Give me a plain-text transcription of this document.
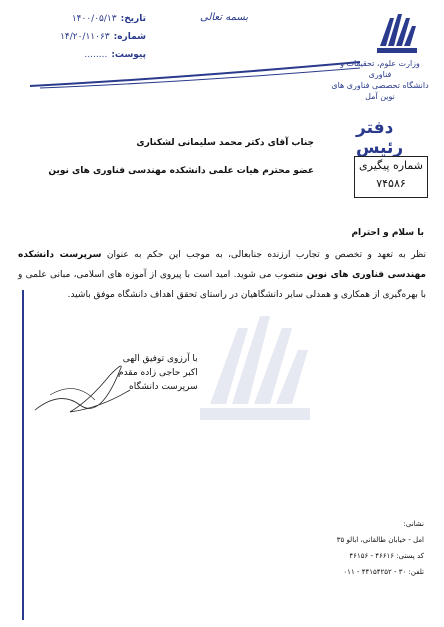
تاریخ:
۱۴۰۰/۰۵/۱۳
شماره:
۱۴/۲۰/۱۱۰۶۳
پیوست:
........
بسمه تعالی
وزارت علوم، تحقیقات و فناوری
دانشگاه تحصصی فناوری های نوین آمل
دفتر رئیس
شماره پیگیری
۷۴۵۸۶
جناب آقای دکتر محمد سلیمانی لشکناری
عضو محترم هیات علمی دانشکده مهندسی فناوری های نوین
با سلام و احترام
نظر به تعهد و تخصص و تجارب ارزنده جنابعالی، به موجب این حکم به عنوان سرپرست دانشکده مهندسی فناوری های نوین منصوب می شوید. امید است با پیروی از آموزه های اسلامی، مبانی علمی و با بهره‌گیری از همکاری و همدلی سایر دانشگاهیان در راستای تحقق اهداف دانشگاه موفق باشید.
با آرزوی توفیق الهی
اکبر حاجی زاده مقدم
سرپرست دانشگاه
نشانی:
امل - خیابان طالقانی، ابالو ۳۵
کد پستی: ۴۶۶۱۶ - ۴۶۱۵۶
تلفن: ۳۰ - ۴۴۱۵۴۲۵۲ - ۰۱۱
